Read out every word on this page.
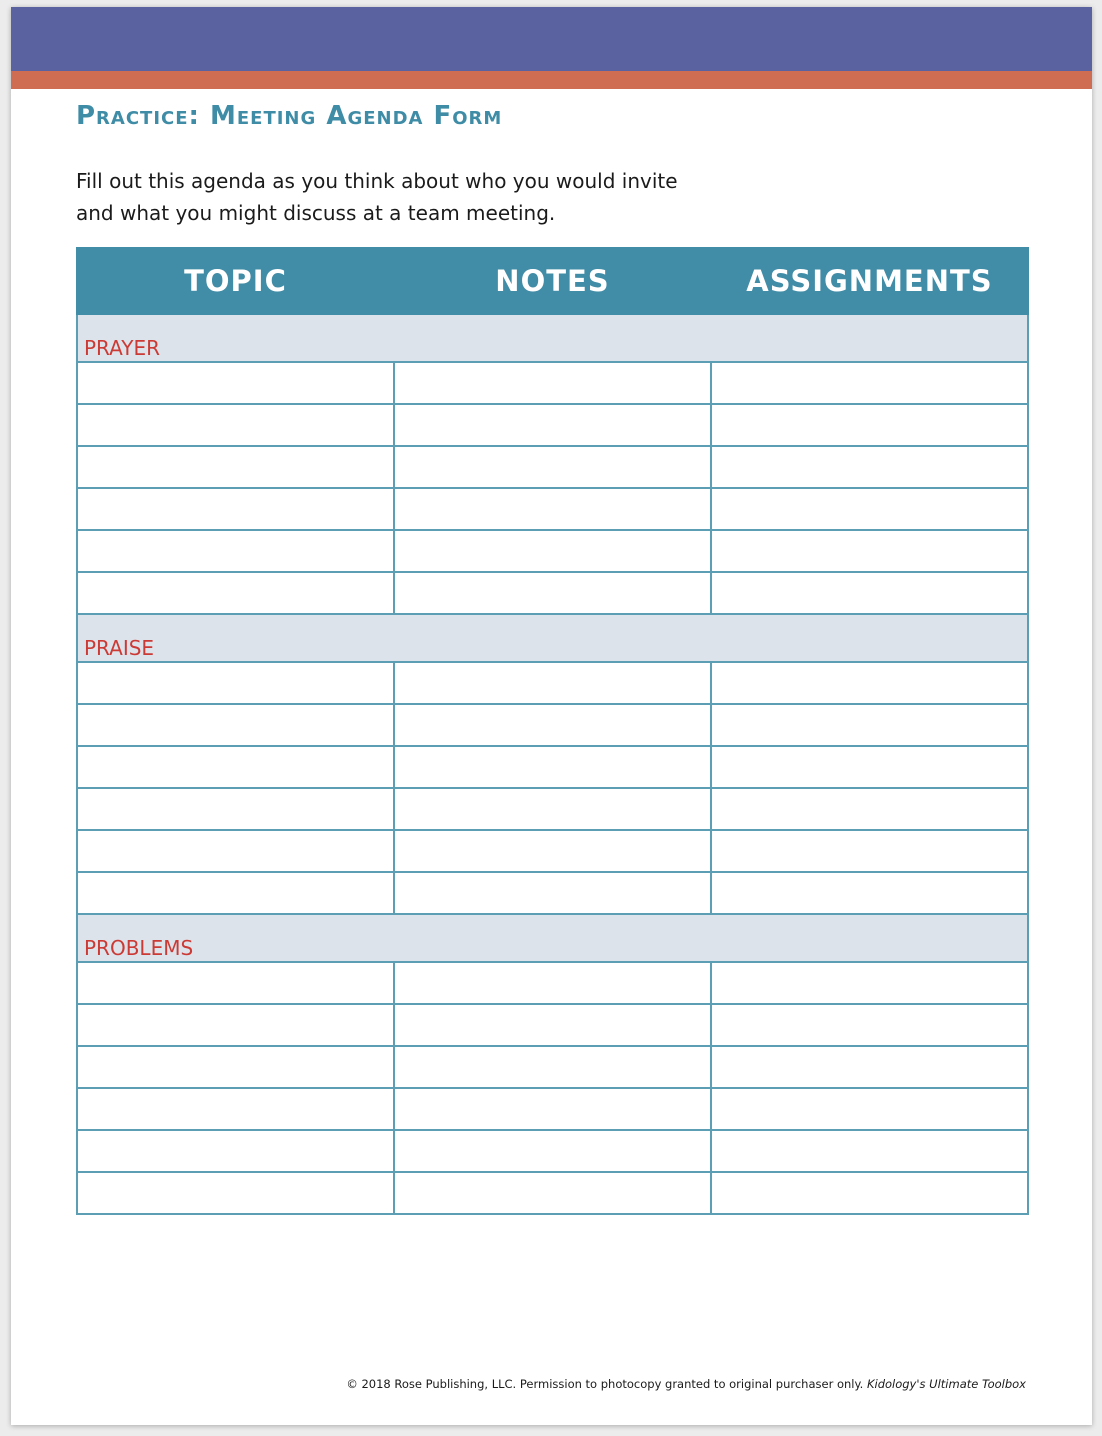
Practice: Meeting Agenda Form

Fill out this agenda as you think about who you would invite
and what you might discuss at a team meeting.

TOPIC	NOTES	ASSIGNMENTS
PRAYER		

PRAISE		

PROBLEMS		

© 2018 Rose Publishing, LLC. Permission to photocopy granted to original purchaser only. Kidology's Ultimate Toolbox
